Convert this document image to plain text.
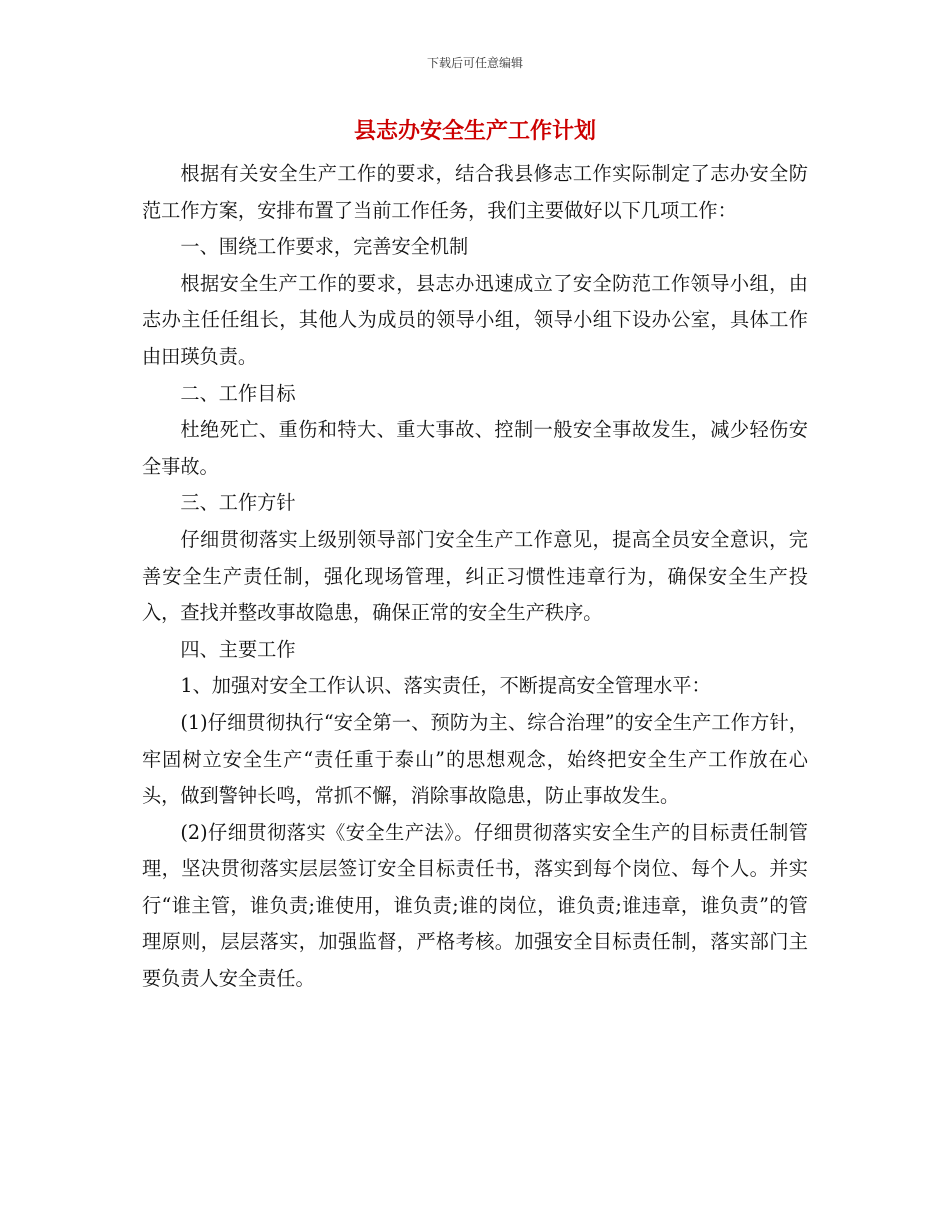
下载后可任意编辑
县志办安全生产工作计划

根据有关安全生产工作的要求，结合我县修志工作实际制定了志办安全防范工作方案，安排布置了当前工作任务，我们主要做好以下几项工作：

一、围绕工作要求，完善安全机制

根据安全生产工作的要求，县志办迅速成立了安全防范工作领导小组，由志办主任任组长，其他人为成员的领导小组，领导小组下设办公室，具体工作由田瑛负责。

二、工作目标

杜绝死亡、重伤和特大、重大事故、控制一般安全事故发生，减少轻伤安全事故。

三、工作方针

仔细贯彻落实上级别领导部门安全生产工作意见，提高全员安全意识，完善安全生产责任制，强化现场管理，纠正习惯性违章行为，确保安全生产投入，查找并整改事故隐患，确保正常的安全生产秩序。

四、主要工作

1、加强对安全工作认识、落实责任，不断提高安全管理水平：

(1)仔细贯彻执行“安全第一、预防为主、综合治理”的安全生产工作方针，牢固树立安全生产“责任重于泰山”的思想观念，始终把安全生产工作放在心头，做到警钟长鸣，常抓不懈，消除事故隐患，防止事故发生。

(2)仔细贯彻落实《安全生产法》。仔细贯彻落实安全生产的目标责任制管理，坚决贯彻落实层层签订安全目标责任书，落实到每个岗位、每个人。并实行“谁主管，谁负责;谁使用，谁负责;谁的岗位，谁负责;谁违章，谁负责”的管理原则，层层落实，加强监督，严格考核。加强安全目标责任制，落实部门主要负责人安全责任。
